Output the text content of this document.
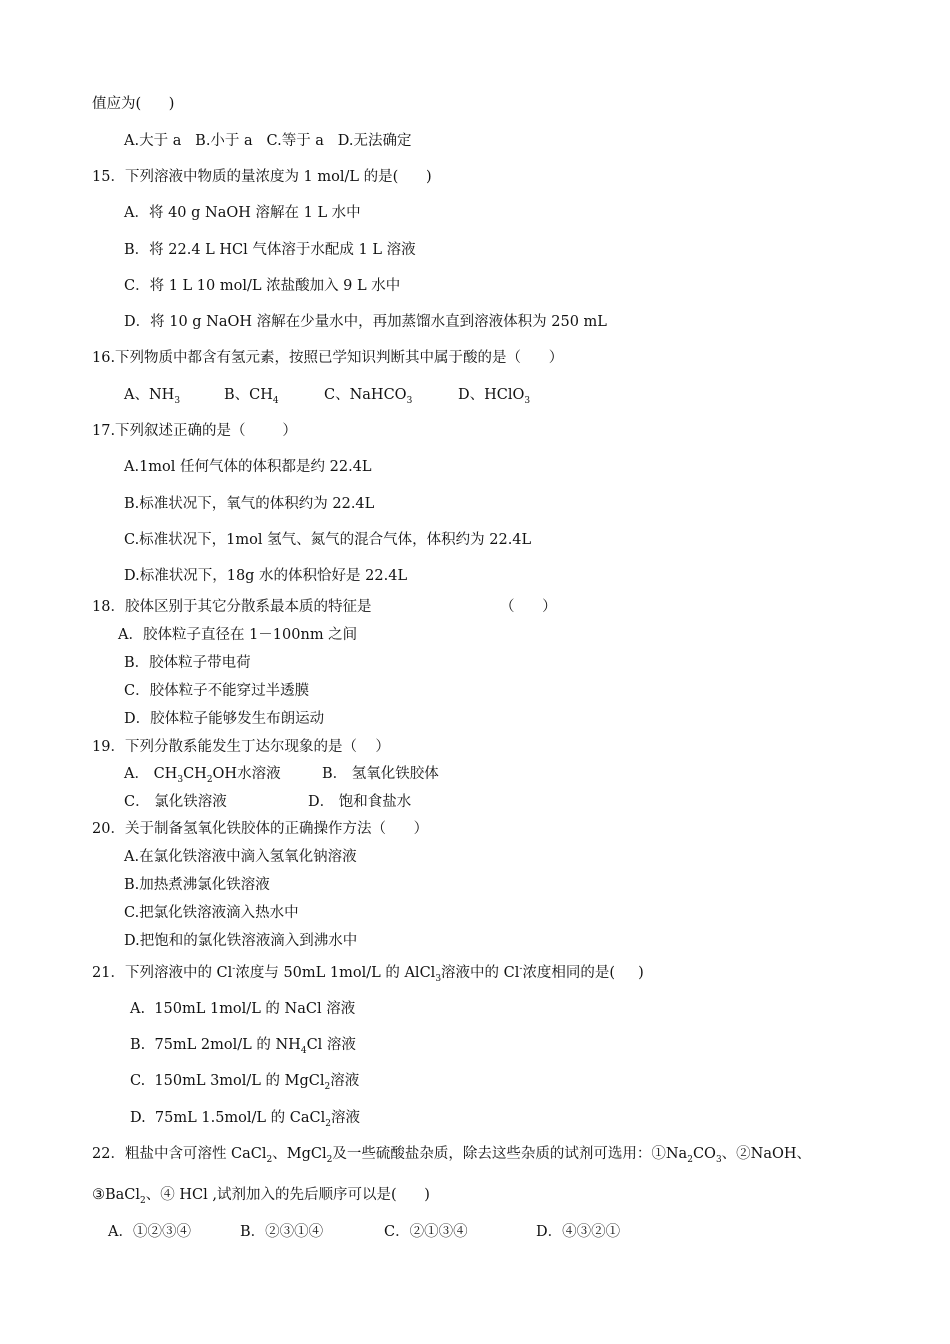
值应为(      )
A.大于 a   B.小于 a   C.等于 a   D.无法确定
15．下列溶液中物质的量浓度为 1 mol/L 的是(      )
A．将 40 g NaOH 溶解在 1 L 水中
B．将 22.4 L HCl 气体溶于水配成 1 L 溶液
C．将 1 L 10 mol/L 浓盐酸加入 9 L 水中
D．将 10 g NaOH 溶解在少量水中，再加蒸馏水直到溶液体积为 250 mL
16.下列物质中都含有氢元素，按照已学知识判断其中属于酸的是（      ）
A、$NH_3$	B、$CH_4$	C、NaHCO$_3$	D、HClO$_3$
17.下列叙述正确的是（        ）
A.1mol 任何气体的体积都是约 22.4L
B.标准状况下，氧气的体积约为 22.4L
C.标准状况下，1mol 氢气、氮气的混合气体，体积约为 22.4L
D.标准状况下，18g 水的体积恰好是 22.4L
18．胶体区别于其它分散系最本质的特征是	（      ）
A．胶体粒子直径在 1－100nm 之间
B．胶体粒子带电荷
C．胶体粒子不能穿过半透膜
D．胶体粒子能够发生布朗运动
19．下列分散系能发生丁达尔现象的是（    ）
A． $CH_3CH_2OH$水溶液	B． 氢氧化铁胶体
C． 氯化铁溶液	D． 饱和食盐水
20．关于制备氢氧化铁胶体的正确操作方法（      ）
A.在氯化铁溶液中滴入氢氧化钠溶液
B.加热煮沸氯化铁溶液
C.把氯化铁溶液滴入热水中
D.把饱和的氯化铁溶液滴入到沸水中
21．下列溶液中的 Cl-浓度与 50mL 1mol/L 的 AlCl$_3$溶液中的 Cl-浓度相同的是(     )
A.  150mL 1mol/L 的 NaCl 溶液
B.  75mL 2mol/L 的 $NH_4Cl$ 溶液
C.  150mL 3mol/L 的 MgCl$_2$溶液
D.  75mL 1.5mol/L 的 CaCl$_2$溶液
22．粗盐中含可溶性 CaCl$_2$、MgCl$_2$及一些硫酸盐杂质，除去这些杂质的试剂可选用：$①Na_2CO_3$、②NaOH、
③BaCl$_2$、④ HCl ,试剂加入的先后顺序可以是(      )
A．①②③④	B．②③①④	C．②①③④	D．④③②①
